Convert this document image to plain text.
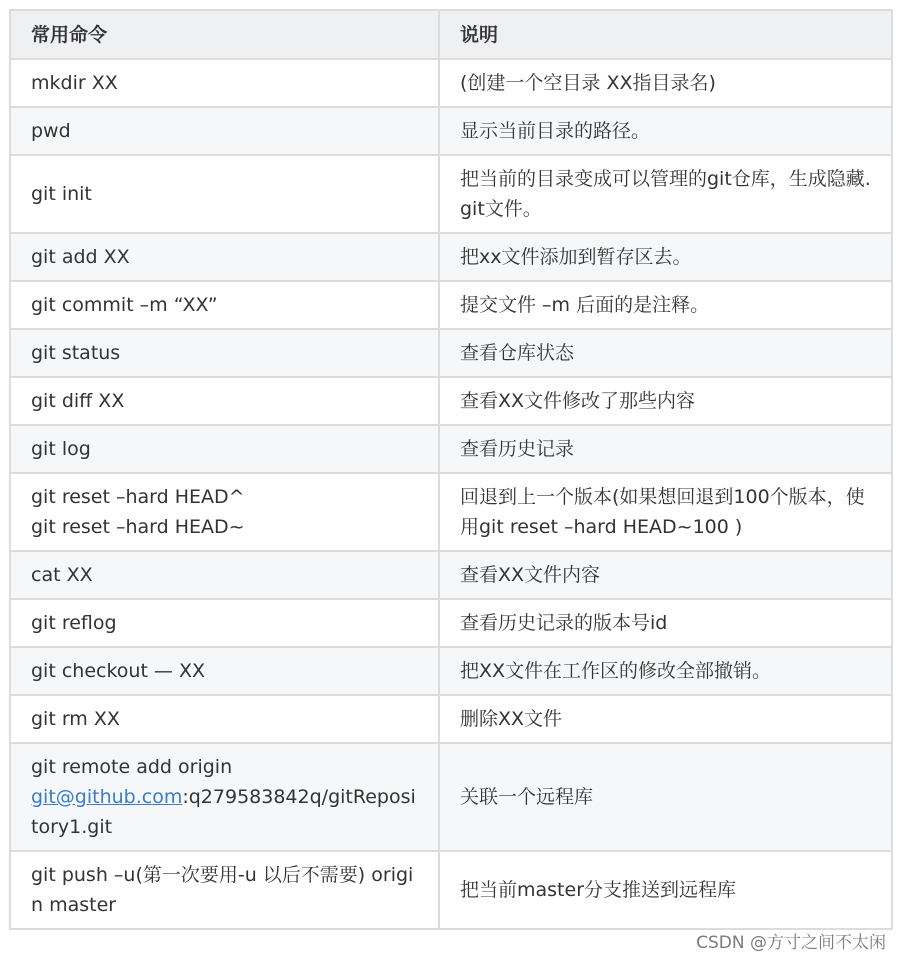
常用命令	说明
mkdir XX	(创建一个空目录 XX指目录名)
pwd	显示当前目录的路径。
git init	把当前的目录变成可以管理的git仓库，生成隐藏.git文件。
git add XX	把xx文件添加到暂存区去。
git commit –m “XX”	提交文件 –m 后面的是注释。
git status	查看仓库状态
git diff XX	查看XX文件修改了那些内容
git log	查看历史记录

git reset –hard HEAD^
git reset –hard HEAD~	回退到上一个版本(如果想回退到100个版本，使用git reset –hard HEAD~100 )
cat XX	查看XX文件内容
git reflog	查看历史记录的版本号id
git checkout — XX	把XX文件在工作区的修改全部撤销。
git rm XX	删除XX文件

git remote add origin
git@github.com:q279583842q/gitRepository1.git	关联一个远程库
git push –u(第一次要用-u 以后不需要) origin master	把当前master分支推送到远程库
CSDN @方寸之间不太闲
